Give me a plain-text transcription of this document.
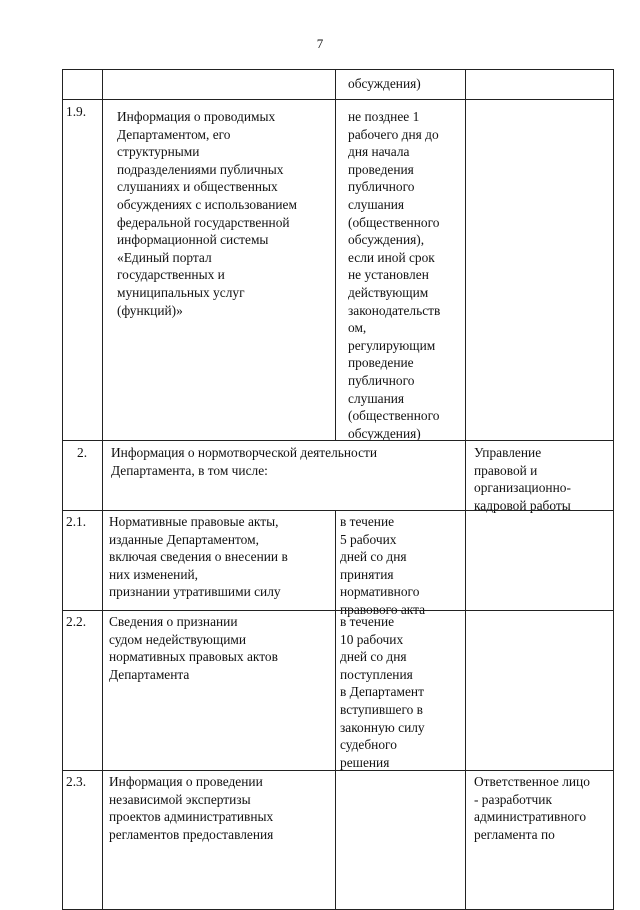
7
обсуждения)
1.9. Информация о проводимых
Департаментом, его
структурными
подразделениями публичных
слушаниях и общественных
обсуждениях с использованием
федеральной государственной
информационной системы
«Единый портал
государственных и
муниципальных услуг
(функций)»
не позднее 1
рабочего дня до
дня начала
проведения
публичного
слушания
(общественного
обсуждения),
если иной срок
не установлен
действующим
законодательств
ом,
регулирующим
проведение
публичного
слушания
(общественного
обсуждения)
2. Информация о нормотворческой деятельности
Департамента, в том числе:
Управление
правовой и
организационно-
кадровой работы
2.1. Нормативные правовые акты,
изданные Департаментом,
включая сведения о внесении в
них изменений,
признании утратившими силу
в течение
5 рабочих
дней со дня
принятия
нормативного
правового акта
2.2. Сведения о признании
судом недействующими
нормативных правовых актов
Департамента
в течение
10 рабочих
дней со дня
поступления
в Департамент
вступившего в
законную силу
судебного
решения
2.3. Информация о проведении
независимой экспертизы
проектов административных
регламентов предоставления
Ответственное лицо
- разработчик
административного
регламента по
